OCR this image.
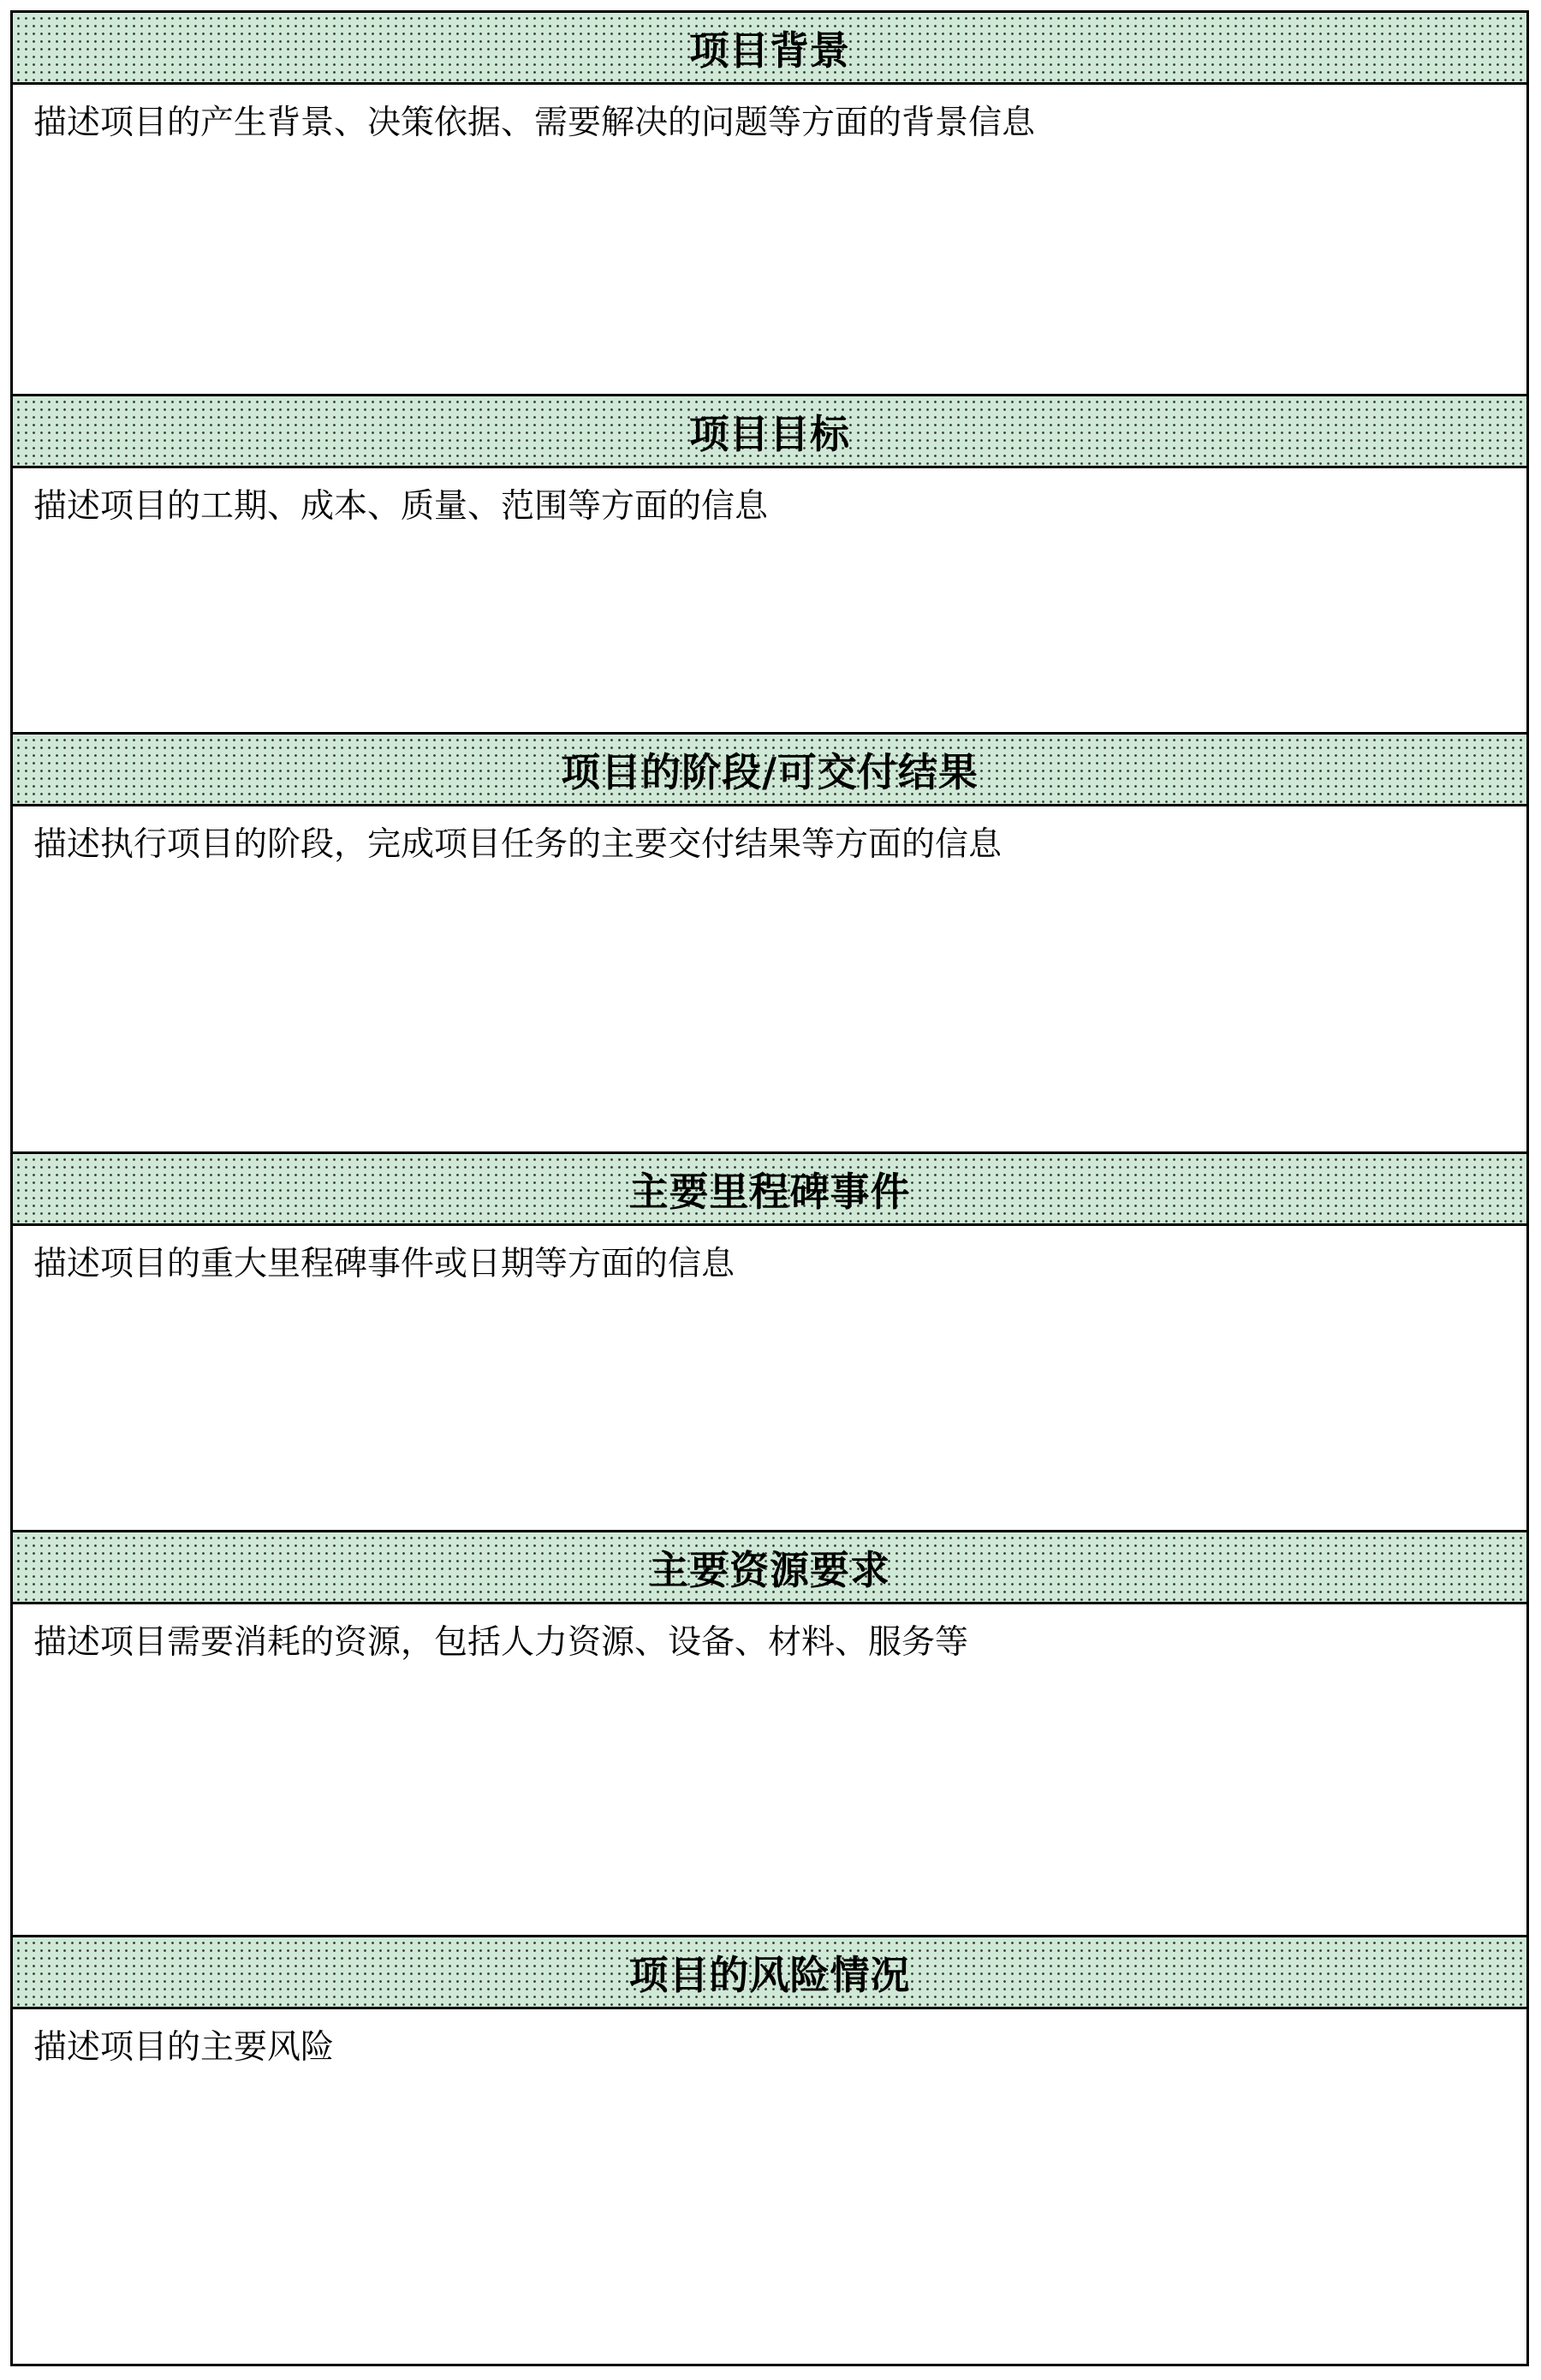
项目背景
描述项目的产生背景、决策依据、需要解决的问题等方面的背景信息
项目目标
描述项目的工期、成本、质量、范围等方面的信息
项目的阶段/可交付结果
描述执行项目的阶段，完成项目任务的主要交付结果等方面的信息
主要里程碑事件
描述项目的重大里程碑事件或日期等方面的信息
主要资源要求
描述项目需要消耗的资源，包括人力资源、设备、材料、服务等
项目的风险情况
描述项目的主要风险
